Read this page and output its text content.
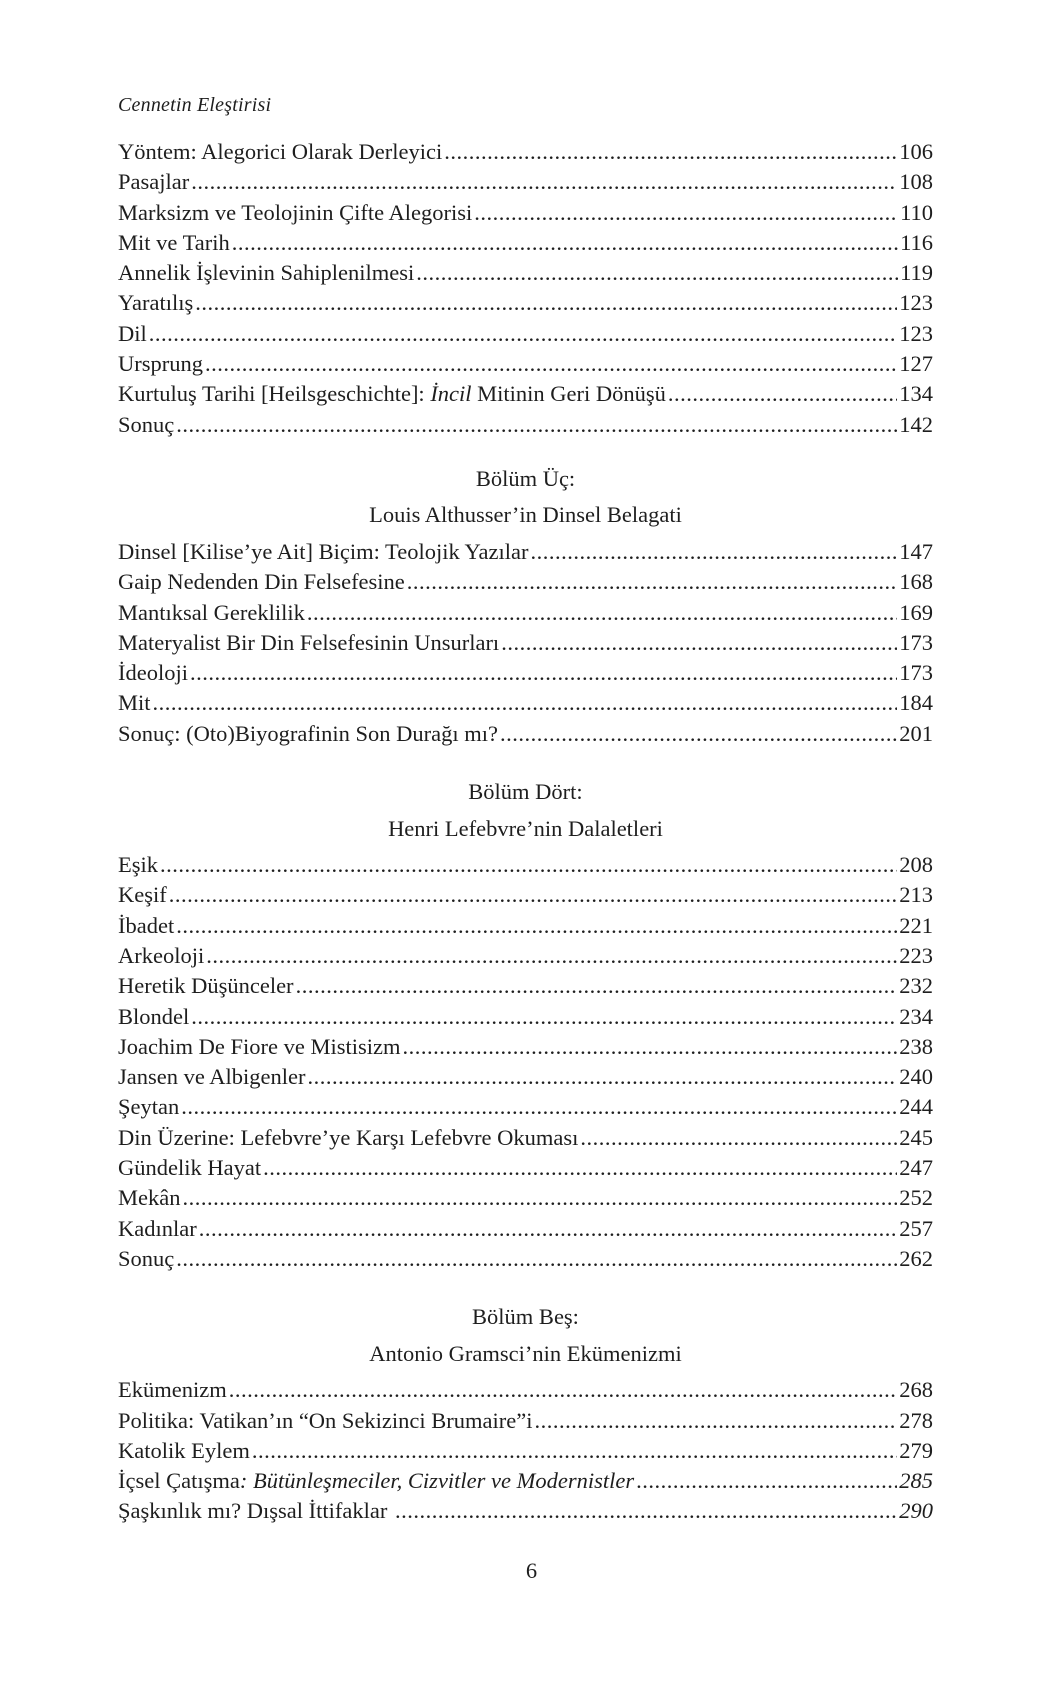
Cennetin Eleştirisi
Yöntem: Alegorici Olarak Derleyici .....	106
Pasajlar .....	108
Marksizm ve Teolojinin Çifte Alegorisi .....	110
Mit ve Tarih .....	116
Annelik İşlevinin Sahiplenilmesi .....	119
Yaratılış .....	123
Dil .....	123
Ursprung .....	127
Kurtuluş Tarihi [Heilsgeschichte]: İncil Mitinin Geri Dönüşü .....	134
Sonuç .....	142
Bölüm Üç:
Louis Althusser’in Dinsel Belagati
Dinsel [Kilise’ye Ait] Biçim: Teolojik Yazılar .....	147
Gaip Nedenden Din Felsefesine .....	168
Mantıksal Gereklilik .....	169
Materyalist Bir Din Felsefesinin Unsurları .....	173
İdeoloji .....	173
Mit .....	184
Sonuç: (Oto)Biyografinin Son Durağı mı? .....	201
Bölüm Dört:
Henri Lefebvre’nin Dalaletleri
Eşik .....	208
Keşif .....	213
İbadet .....	221
Arkeoloji .....	223
Heretik Düşünceler .....	232
Blondel .....	234
Joachim De Fiore ve Mistisizm .....	238
Jansen ve Albigenler .....	240
Şeytan .....	244
Din Üzerine: Lefebvre’ye Karşı Lefebvre Okuması .....	245
Gündelik Hayat .....	247
Mekân .....	252
Kadınlar .....	257
Sonuç .....	262
Bölüm Beş:
Antonio Gramsci’nin Ekümenizmi
Ekümenizm .....	268
Politika: Vatikan’ın “On Sekizinci Brumaire”i .....	278
Katolik Eylem .....	279
İçsel Çatışma: Bütünleşmeciler, Cizvitler ve Modernistler .....	285
Şaşkınlık mı? Dışsal İttifaklar .....	290
6
